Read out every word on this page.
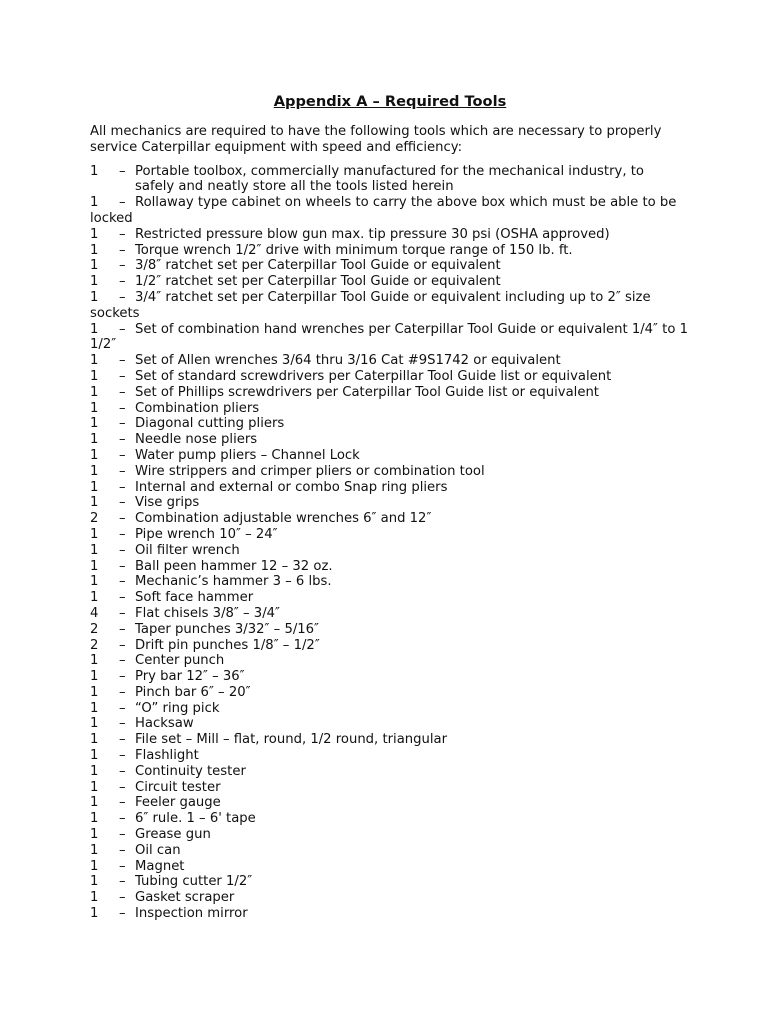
Appendix A – Required Tools
All mechanics are required to have the following tools which are necessary to properly service Caterpillar equipment with speed and efficiency:
1 – Portable toolbox, commercially manufactured for the mechanical industry, to safely and neatly store all the tools listed herein
1 – Rollaway type cabinet on wheels to carry the above box which must be able to be locked
1 – Restricted pressure blow gun max. tip pressure 30 psi (OSHA approved)
1 – Torque wrench 1/2″ drive with minimum torque range of 150 lb. ft.
1 – 3/8″ ratchet set per Caterpillar Tool Guide or equivalent
1 – 1/2″ ratchet set per Caterpillar Tool Guide or equivalent
1 – 3/4″ ratchet set per Caterpillar Tool Guide or equivalent including up to 2″ size sockets
1 – Set of combination hand wrenches per Caterpillar Tool Guide or equivalent 1/4″ to 1 1/2″
1 – Set of Allen wrenches 3/64 thru 3/16 Cat #9S1742 or equivalent
1 – Set of standard screwdrivers per Caterpillar Tool Guide list or equivalent
1 – Set of Phillips screwdrivers per Caterpillar Tool Guide list or equivalent
1 – Combination pliers
1 – Diagonal cutting pliers
1 – Needle nose pliers
1 – Water pump pliers – Channel Lock
1 – Wire strippers and crimper pliers or combination tool
1 – Internal and external or combo Snap ring pliers
1 – Vise grips
2 – Combination adjustable wrenches 6″ and 12″
1 – Pipe wrench 10″ – 24″
1 – Oil filter wrench
1 – Ball peen hammer 12 – 32 oz.
1 – Mechanic’s hammer 3 – 6 lbs.
1 – Soft face hammer
4 – Flat chisels 3/8″ – 3/4″
2 – Taper punches 3/32″ – 5/16″
2 – Drift pin punches 1/8″ – 1/2″
1 – Center punch
1 – Pry bar 12″ – 36″
1 – Pinch bar 6″ – 20″
1 – “O” ring pick
1 – Hacksaw
1 – File set – Mill – flat, round, 1/2 round, triangular
1 – Flashlight
1 – Continuity tester
1 – Circuit tester
1 – Feeler gauge
1 – 6″ rule. 1 – 6' tape
1 – Grease gun
1 – Oil can
1 – Magnet
1 – Tubing cutter 1/2″
1 – Gasket scraper
1 – Inspection mirror
